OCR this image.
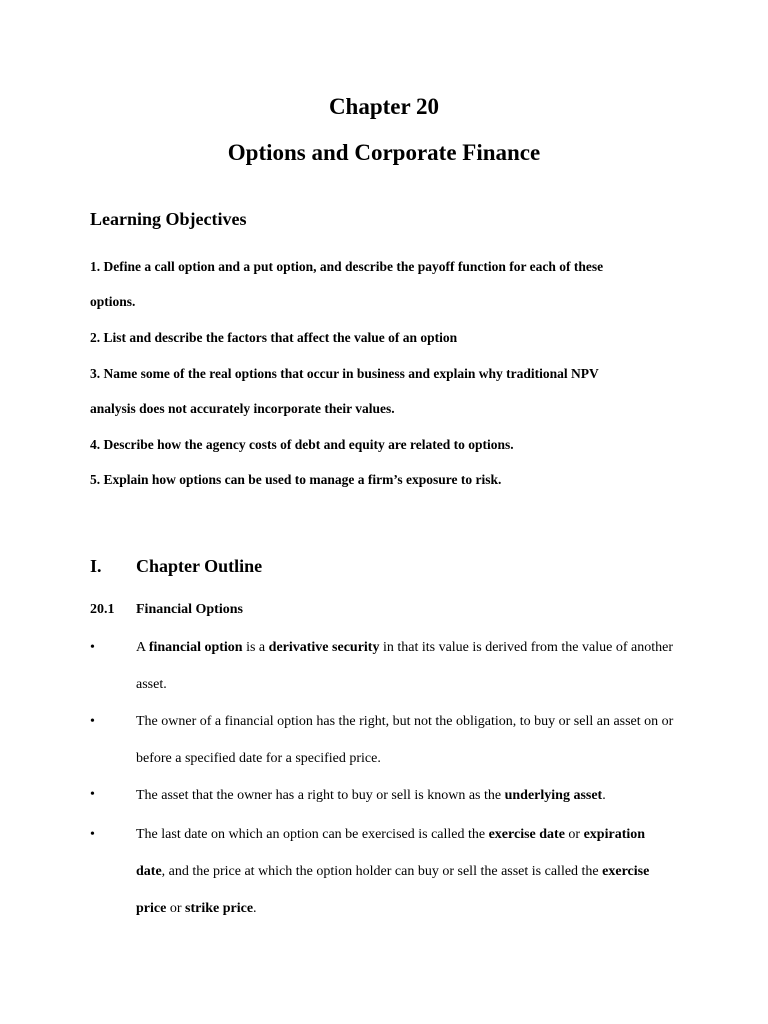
Chapter 20
Options and Corporate Finance
Learning Objectives
1. Define a call option and a put option, and describe the payoff function for each of these
options.
2. List and describe the factors that affect the value of an option
3. Name some of the real options that occur in business and explain why traditional NPV
analysis does not accurately incorporate their values.
4. Describe how the agency costs of debt and equity are related to options.
5. Explain how options can be used to manage a firm’s exposure to risk.
I. Chapter Outline
20.1 Financial Options
•	A financial option is a derivative security in that its value is derived from the value of another asset.
•	The owner of a financial option has the right, but not the obligation, to buy or sell an asset on or before a specified date for a specified price.
•	The asset that the owner has a right to buy or sell is known as the underlying asset.
•	The last date on which an option can be exercised is called the exercise date or expiration date, and the price at which the option holder can buy or sell the asset is called the exercise price or strike price.
